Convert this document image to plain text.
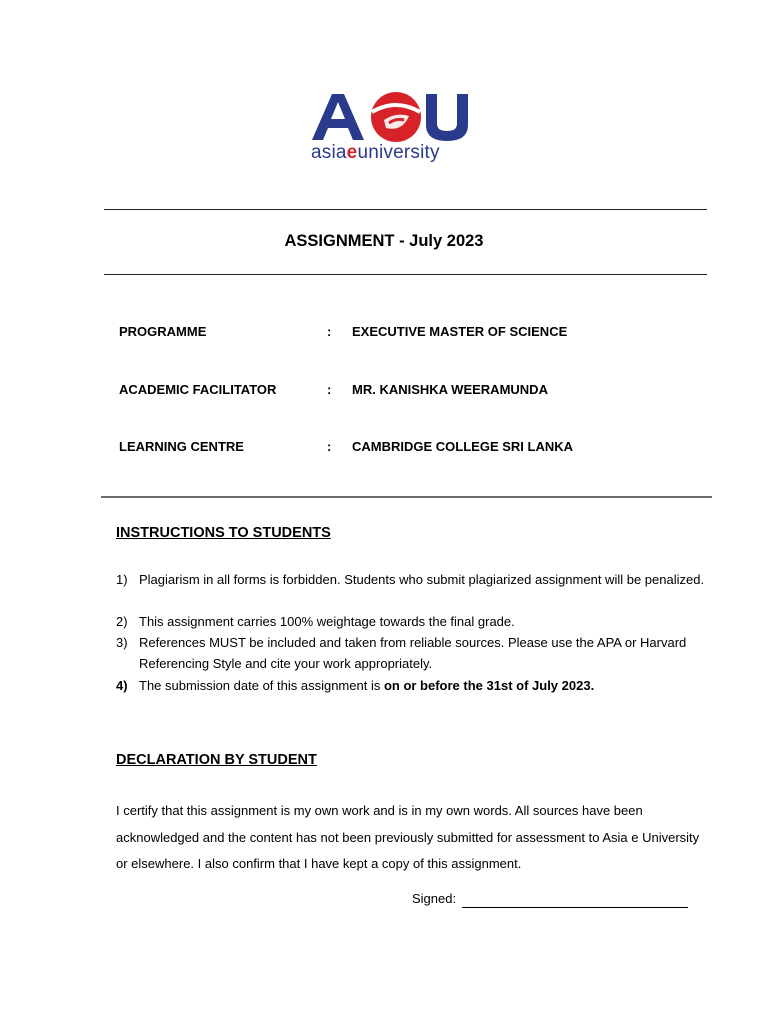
asiaeuniversity
ASSIGNMENT - July 2023
PROGRAMME	: EXECUTIVE MASTER OF SCIENCE
ACADEMIC FACILITATOR	: MR. KANISHKA WEERAMUNDA
LEARNING CENTRE	: CAMBRIDGE COLLEGE SRI LANKA
INSTRUCTIONS TO STUDENTS
1) Plagiarism in all forms is forbidden. Students who submit plagiarized assignment will be penalized.
2) This assignment carries 100% weightage towards the final grade.
3) References MUST be included and taken from reliable sources. Please use the APA or Harvard Referencing Style and cite your work appropriately.
4) The submission date of this assignment is on or before the 31st of July 2023.
DECLARATION BY STUDENT
I certify that this assignment is my own work and is in my own words. All sources have been acknowledged and the content has not been previously submitted for assessment to Asia e University or elsewhere. I also confirm that I have kept a copy of this assignment.
Signed:
